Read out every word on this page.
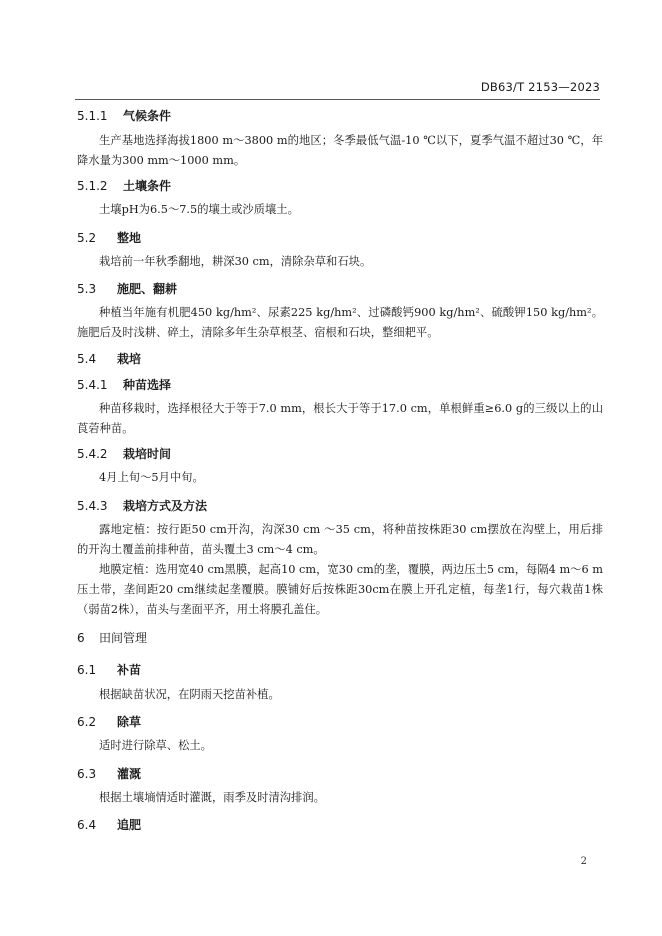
DB63/T 2153—2023
5.1.1 气候条件
生产基地选择海拔1800 m～3800 m的地区；冬季最低气温-10 ℃以下，夏季气温不超过30 ℃，年降水量为300 mm～1000 mm。
5.1.2 土壤条件
土壤pH为6.5～7.5的壤土或沙质壤土。
5.2 整地
栽培前一年秋季翻地，耕深30 cm，清除杂草和石块。
5.3 施肥、翻耕
种植当年施有机肥450 kg/hm²、尿素225 kg/hm²、过磷酸钙900 kg/hm²、硫酸钾150 kg/hm²。施肥后及时浅耕、碎土，清除多年生杂草根茎、宿根和石块，整细耙平。
5.4 栽培
5.4.1 种苗选择
种苗移栽时，选择根径大于等于7.0 mm，根长大于等于17.0 cm，单根鲜重≥6.0 g的三级以上的山莨菪种苗。
5.4.2 栽培时间
4月上旬～5月中旬。
5.4.3 栽培方式及方法
露地定植：按行距50 cm开沟，沟深30 cm ～35 cm，将种苗按株距30 cm摆放在沟壁上，用后排的开沟土覆盖前排种苗，苗头覆土3 cm～4 cm。
地膜定植：选用宽40 cm黑膜，起高10 cm，宽30 cm的垄，覆膜，两边压土5 cm，每隔4 m～6 m压土带，垄间距20 cm继续起垄覆膜。膜铺好后按株距30cm在膜上开孔定植，每垄1行，每穴栽苗1株（弱苗2株），苗头与垄面平齐，用土将膜孔盖住。
6 田间管理
6.1 补苗
根据缺苗状况，在阴雨天挖苗补植。
6.2 除草
适时进行除草、松土。
6.3 灌溉
根据土壤墒情适时灌溉，雨季及时清沟排润。
6.4 追肥
2
